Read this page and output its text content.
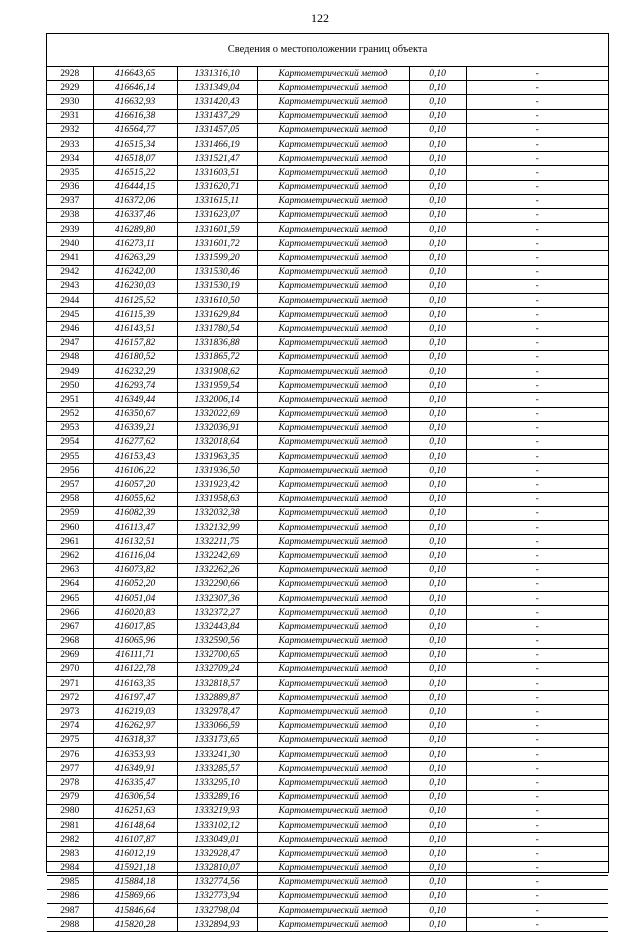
122
Сведения о местоположении границ объекта
2928	416643,65	1331316,10	Картометрический метод	0,10	-
2929	416646,14	1331349,04	Картометрический метод	0,10	-
2930	416632,93	1331420,43	Картометрический метод	0,10	-
2931	416616,38	1331437,29	Картометрический метод	0,10	-
2932	416564,77	1331457,05	Картометрический метод	0,10	-
2933	416515,34	1331466,19	Картометрический метод	0,10	-
2934	416518,07	1331521,47	Картометрический метод	0,10	-
2935	416515,22	1331603,51	Картометрический метод	0,10	-
2936	416444,15	1331620,71	Картометрический метод	0,10	-
2937	416372,06	1331615,11	Картометрический метод	0,10	-
2938	416337,46	1331623,07	Картометрический метод	0,10	-
2939	416289,80	1331601,59	Картометрический метод	0,10	-
2940	416273,11	1331601,72	Картометрический метод	0,10	-
2941	416263,29	1331599,20	Картометрический метод	0,10	-
2942	416242,00	1331530,46	Картометрический метод	0,10	-
2943	416230,03	1331530,19	Картометрический метод	0,10	-
2944	416125,52	1331610,50	Картометрический метод	0,10	-
2945	416115,39	1331629,84	Картометрический метод	0,10	-
2946	416143,51	1331780,54	Картометрический метод	0,10	-
2947	416157,82	1331836,88	Картометрический метод	0,10	-
2948	416180,52	1331865,72	Картометрический метод	0,10	-
2949	416232,29	1331908,62	Картометрический метод	0,10	-
2950	416293,74	1331959,54	Картометрический метод	0,10	-
2951	416349,44	1332006,14	Картометрический метод	0,10	-
2952	416350,67	1332022,69	Картометрический метод	0,10	-
2953	416339,21	1332036,91	Картометрический метод	0,10	-
2954	416277,62	1332018,64	Картометрический метод	0,10	-
2955	416153,43	1331963,35	Картометрический метод	0,10	-
2956	416106,22	1331936,50	Картометрический метод	0,10	-
2957	416057,20	1331923,42	Картометрический метод	0,10	-
2958	416055,62	1331958,63	Картометрический метод	0,10	-
2959	416082,39	1332032,38	Картометрический метод	0,10	-
2960	416113,47	1332132,99	Картометрический метод	0,10	-
2961	416132,51	1332211,75	Картометрический метод	0,10	-
2962	416116,04	1332242,69	Картометрический метод	0,10	-
2963	416073,82	1332262,26	Картометрический метод	0,10	-
2964	416052,20	1332290,66	Картометрический метод	0,10	-
2965	416051,04	1332307,36	Картометрический метод	0,10	-
2966	416020,83	1332372,27	Картометрический метод	0,10	-
2967	416017,85	1332443,84	Картометрический метод	0,10	-
2968	416065,96	1332590,56	Картометрический метод	0,10	-
2969	416111,71	1332700,65	Картометрический метод	0,10	-
2970	416122,78	1332709,24	Картометрический метод	0,10	-
2971	416163,35	1332818,57	Картометрический метод	0,10	-
2972	416197,47	1332889,87	Картометрический метод	0,10	-
2973	416219,03	1332978,47	Картометрический метод	0,10	-
2974	416262,97	1333066,59	Картометрический метод	0,10	-
2975	416318,37	1333173,65	Картометрический метод	0,10	-
2976	416353,93	1333241,30	Картометрический метод	0,10	-
2977	416349,91	1333285,57	Картометрический метод	0,10	-
2978	416335,47	1333295,10	Картометрический метод	0,10	-
2979	416306,54	1333289,16	Картометрический метод	0,10	-
2980	416251,63	1333219,93	Картометрический метод	0,10	-
2981	416148,64	1333102,12	Картометрический метод	0,10	-
2982	416107,87	1333049,01	Картометрический метод	0,10	-
2983	416012,19	1332928,47	Картометрический метод	0,10	-
2984	415921,18	1332810,07	Картометрический метод	0,10	-
2985	415884,18	1332774,56	Картометрический метод	0,10	-
2986	415869,66	1332773,94	Картометрический метод	0,10	-
2987	415846,64	1332798,04	Картометрический метод	0,10	-
2988	415820,28	1332894,93	Картометрический метод	0,10	-
